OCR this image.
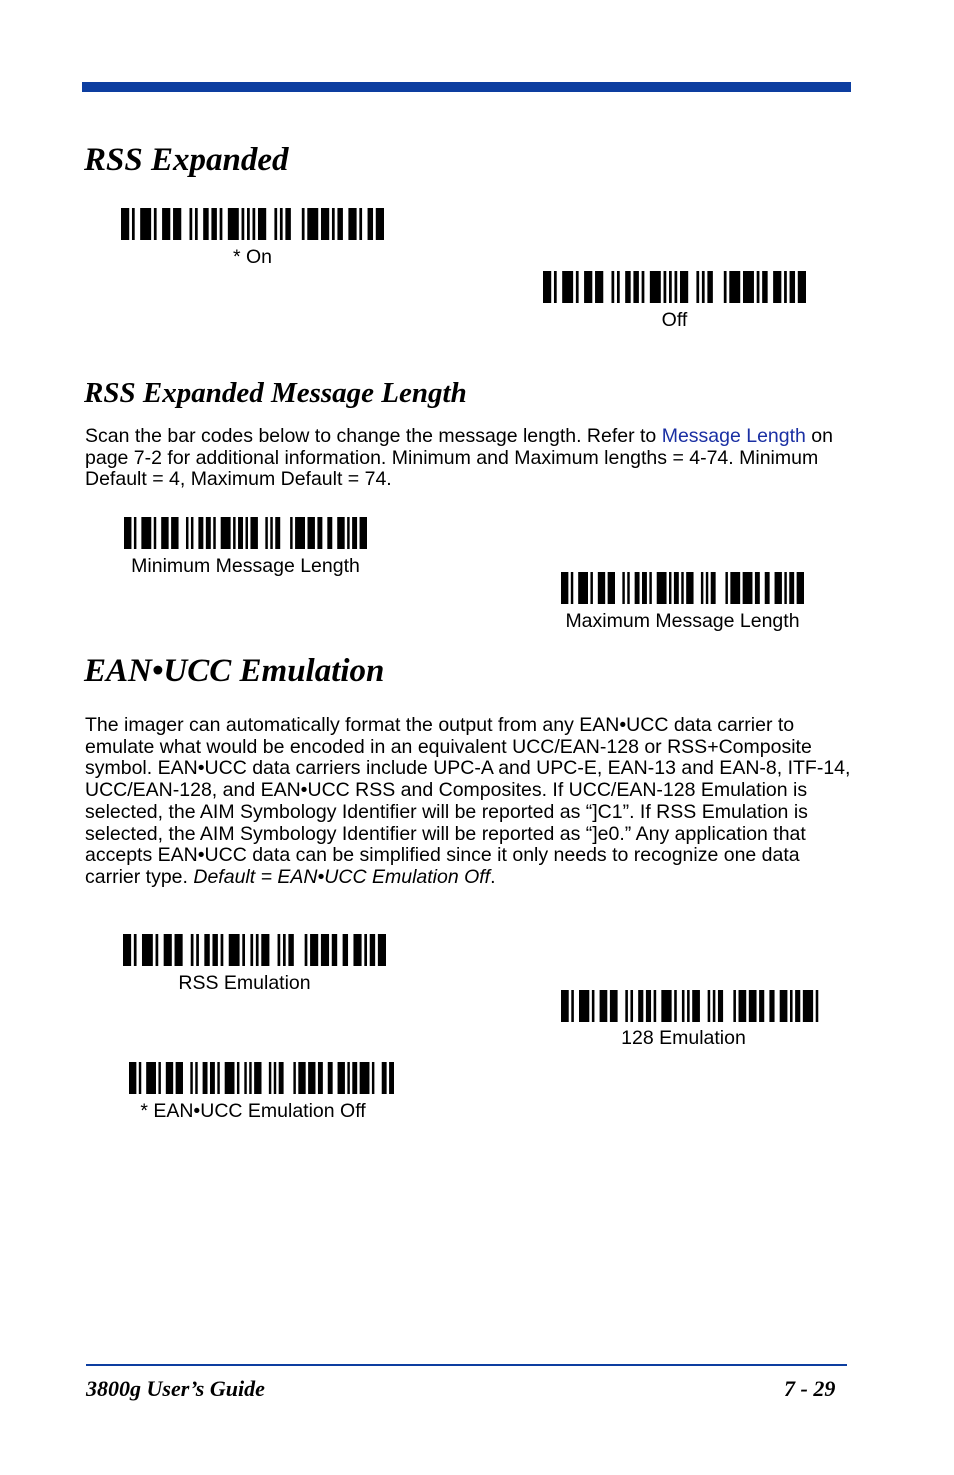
RSS Expanded
* On
Off
RSS Expanded Message Length

Scan the bar codes below to change the message length. Refer to Message Length on page 7-2 for additional information. Minimum and Maximum lengths = 4-74. Minimum Default = 4, Maximum Default = 74.

Minimum Message Length
Maximum Message Length
EAN•UCC Emulation

The imager can automatically format the output from any EAN•UCC data carrier to emulate what would be encoded in an equivalent UCC/EAN-128 or RSS+Composite symbol. EAN•UCC data carriers include UPC-A and UPC-E, EAN-13 and EAN-8, ITF-14, UCC/EAN-128, and EAN•UCC RSS and Composites. If UCC/EAN-128 Emulation is selected, the AIM Symbology Identifier will be reported as “]C1”. If RSS Emulation is selected, the AIM Symbology Identifier will be reported as “]e0.” Any application that accepts EAN•UCC data can be simplified since it only needs to recognize one data carrier type. Default = EAN•UCC Emulation Off.

RSS Emulation
128 Emulation
* EAN•UCC Emulation Off
3800g User’s Guide	7 - 29
